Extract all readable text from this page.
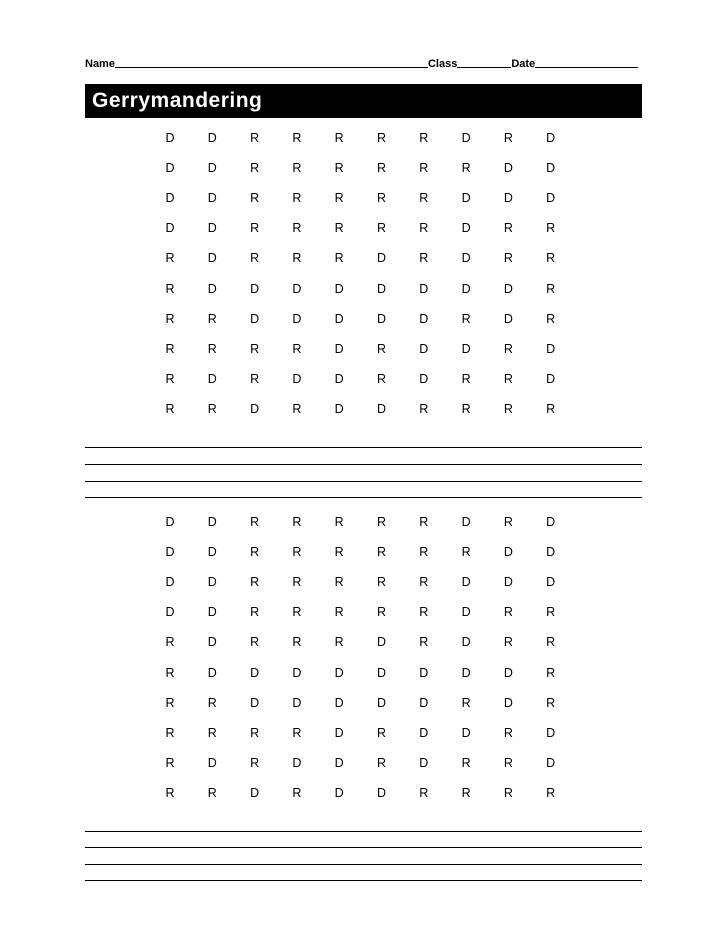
Name	Class	Date
Gerrymandering
D	D	R	R	R	R	R	D	R	D
D	D	R	R	R	R	R	R	D	D
D	D	R	R	R	R	R	D	D	D
D	D	R	R	R	R	R	D	R	R
R	D	R	R	R	D	R	D	R	R
R	D	D	D	D	D	D	D	D	R
R	R	D	D	D	D	D	R	D	R
R	R	R	R	D	R	D	D	R	D
R	D	R	D	D	R	D	R	R	D
R	R	D	R	D	D	R	R	R	R
D	D	R	R	R	R	R	D	R	D
D	D	R	R	R	R	R	R	D	D
D	D	R	R	R	R	R	D	D	D
D	D	R	R	R	R	R	D	R	R
R	D	R	R	R	D	R	D	R	R
R	D	D	D	D	D	D	D	D	R
R	R	D	D	D	D	D	R	D	R
R	R	R	R	D	R	D	D	R	D
R	D	R	D	D	R	D	R	R	D
R	R	D	R	D	D	R	R	R	R
